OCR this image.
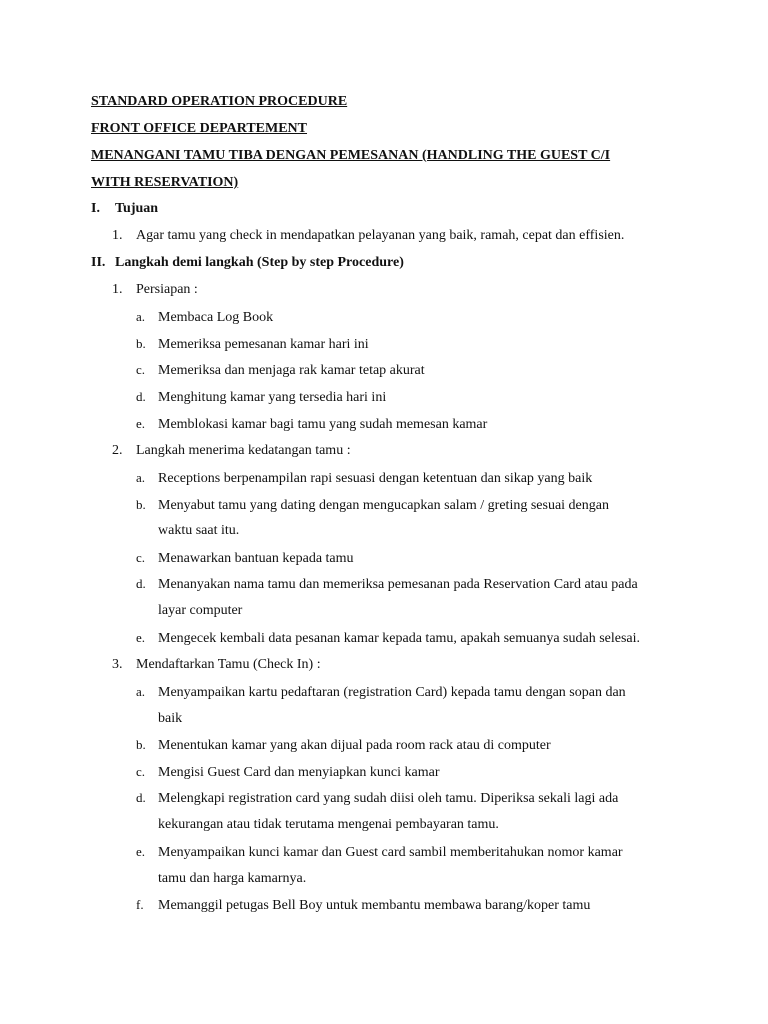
STANDARD OPERATION PROCEDURE
FRONT OFFICE DEPARTEMENT
MENANGANI TAMU TIBA DENGAN PEMESANAN (HANDLING THE GUEST C/I
WITH RESERVATION)
I. Tujuan
1. Agar tamu yang check in mendapatkan pelayanan yang baik, ramah, cepat dan effisien.
II. Langkah demi langkah (Step by step Procedure)
1. Persiapan :
a. Membaca Log Book
b. Memeriksa pemesanan kamar hari ini
c. Memeriksa dan menjaga rak kamar tetap akurat
d. Menghitung kamar yang tersedia hari ini
e. Memblokasi kamar bagi tamu yang sudah memesan kamar
2. Langkah menerima kedatangan tamu :
a. Receptions berpenampilan rapi sesuasi dengan ketentuan dan sikap yang baik
b. Menyabut tamu yang dating dengan mengucapkan salam / greting sesuai dengan
waktu saat itu.
c. Menawarkan bantuan kepada tamu
d. Menanyakan nama tamu dan memeriksa pemesanan pada Reservation Card atau pada
layar computer
e. Mengecek kembali data pesanan kamar kepada tamu, apakah semuanya sudah selesai.
3. Mendaftarkan Tamu (Check In) :
a. Menyampaikan kartu pedaftaran (registration Card) kepada tamu dengan sopan dan
baik
b. Menentukan kamar yang akan dijual pada room rack atau di computer
c. Mengisi Guest Card dan menyiapkan kunci kamar
d. Melengkapi registration card yang sudah diisi oleh tamu. Diperiksa sekali lagi ada
kekurangan atau tidak terutama mengenai pembayaran tamu.
e. Menyampaikan kunci kamar dan Guest card sambil memberitahukan nomor kamar
tamu dan harga kamarnya.
f. Memanggil petugas Bell Boy untuk membantu membawa barang/koper tamu
